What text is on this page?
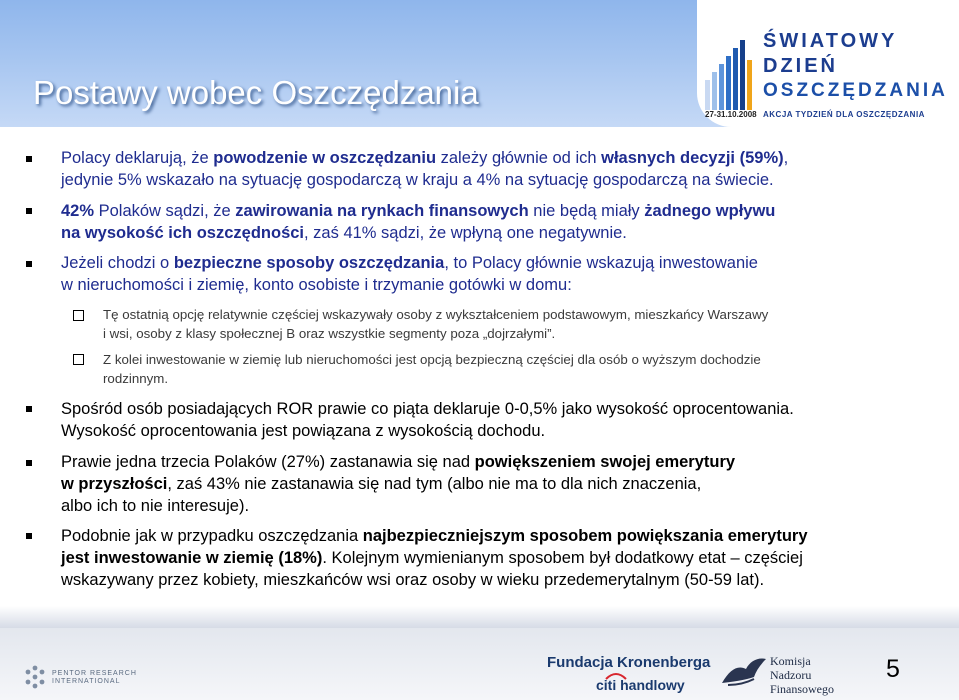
Postawy wobec Oszczędzania
ŚWIATOWY
DZIEŃ
OSZCZĘDZANIA
27-31.10.2008 AKCJA TYDZIEŃ DLA OSZCZĘDZANIA
Polacy deklarują, że powodzenie w oszczędzaniu zależy głównie od ich własnych decyzji (59%),
jedynie 5% wskazało na sytuację gospodarczą w kraju a 4% na sytuację gospodarczą na świecie.
42% Polaków sądzi, że zawirowania na rynkach finansowych nie będą miały żadnego wpływu
na wysokość ich oszczędności, zaś 41% sądzi, że wpłyną one negatywnie.
Jeżeli chodzi o bezpieczne sposoby oszczędzania, to Polacy głównie wskazują inwestowanie
w nieruchomości i ziemię, konto osobiste i trzymanie gotówki w domu:
Tę ostatnią opcję relatywnie częściej wskazywały osoby z wykształceniem podstawowym, mieszkańcy Warszawy
i wsi, osoby z klasy społecznej B oraz wszystkie segmenty poza „dojrzałymi”.
Z kolei inwestowanie w ziemię lub nieruchomości jest opcją bezpieczną częściej dla osób o wyższym dochodzie
rodzinnym.
Spośród osób posiadających ROR prawie co piąta deklaruje 0-0,5% jako wysokość oprocentowania.
Wysokość oprocentowania jest powiązana z wysokością dochodu.
Prawie jedna trzecia Polaków (27%) zastanawia się nad powiększeniem swojej emerytury
w przyszłości, zaś 43% nie zastanawia się nad tym (albo nie ma to dla nich znaczenia,
albo ich to nie interesuje).
Podobnie jak w przypadku oszczędzania najbezpieczniejszym sposobem powiększania emerytury
jest inwestowanie w ziemię (18%). Kolejnym wymienianym sposobem był dodatkowy etat – częściej
wskazywany przez kobiety, mieszkańców wsi oraz osoby w wieku przedemerytalnym (50-59 lat).
PENTOR RESEARCH INTERNATIONAL
Fundacja Kronenberga
citi handlowy
Komisja
Nadzoru
Finansowego
5
